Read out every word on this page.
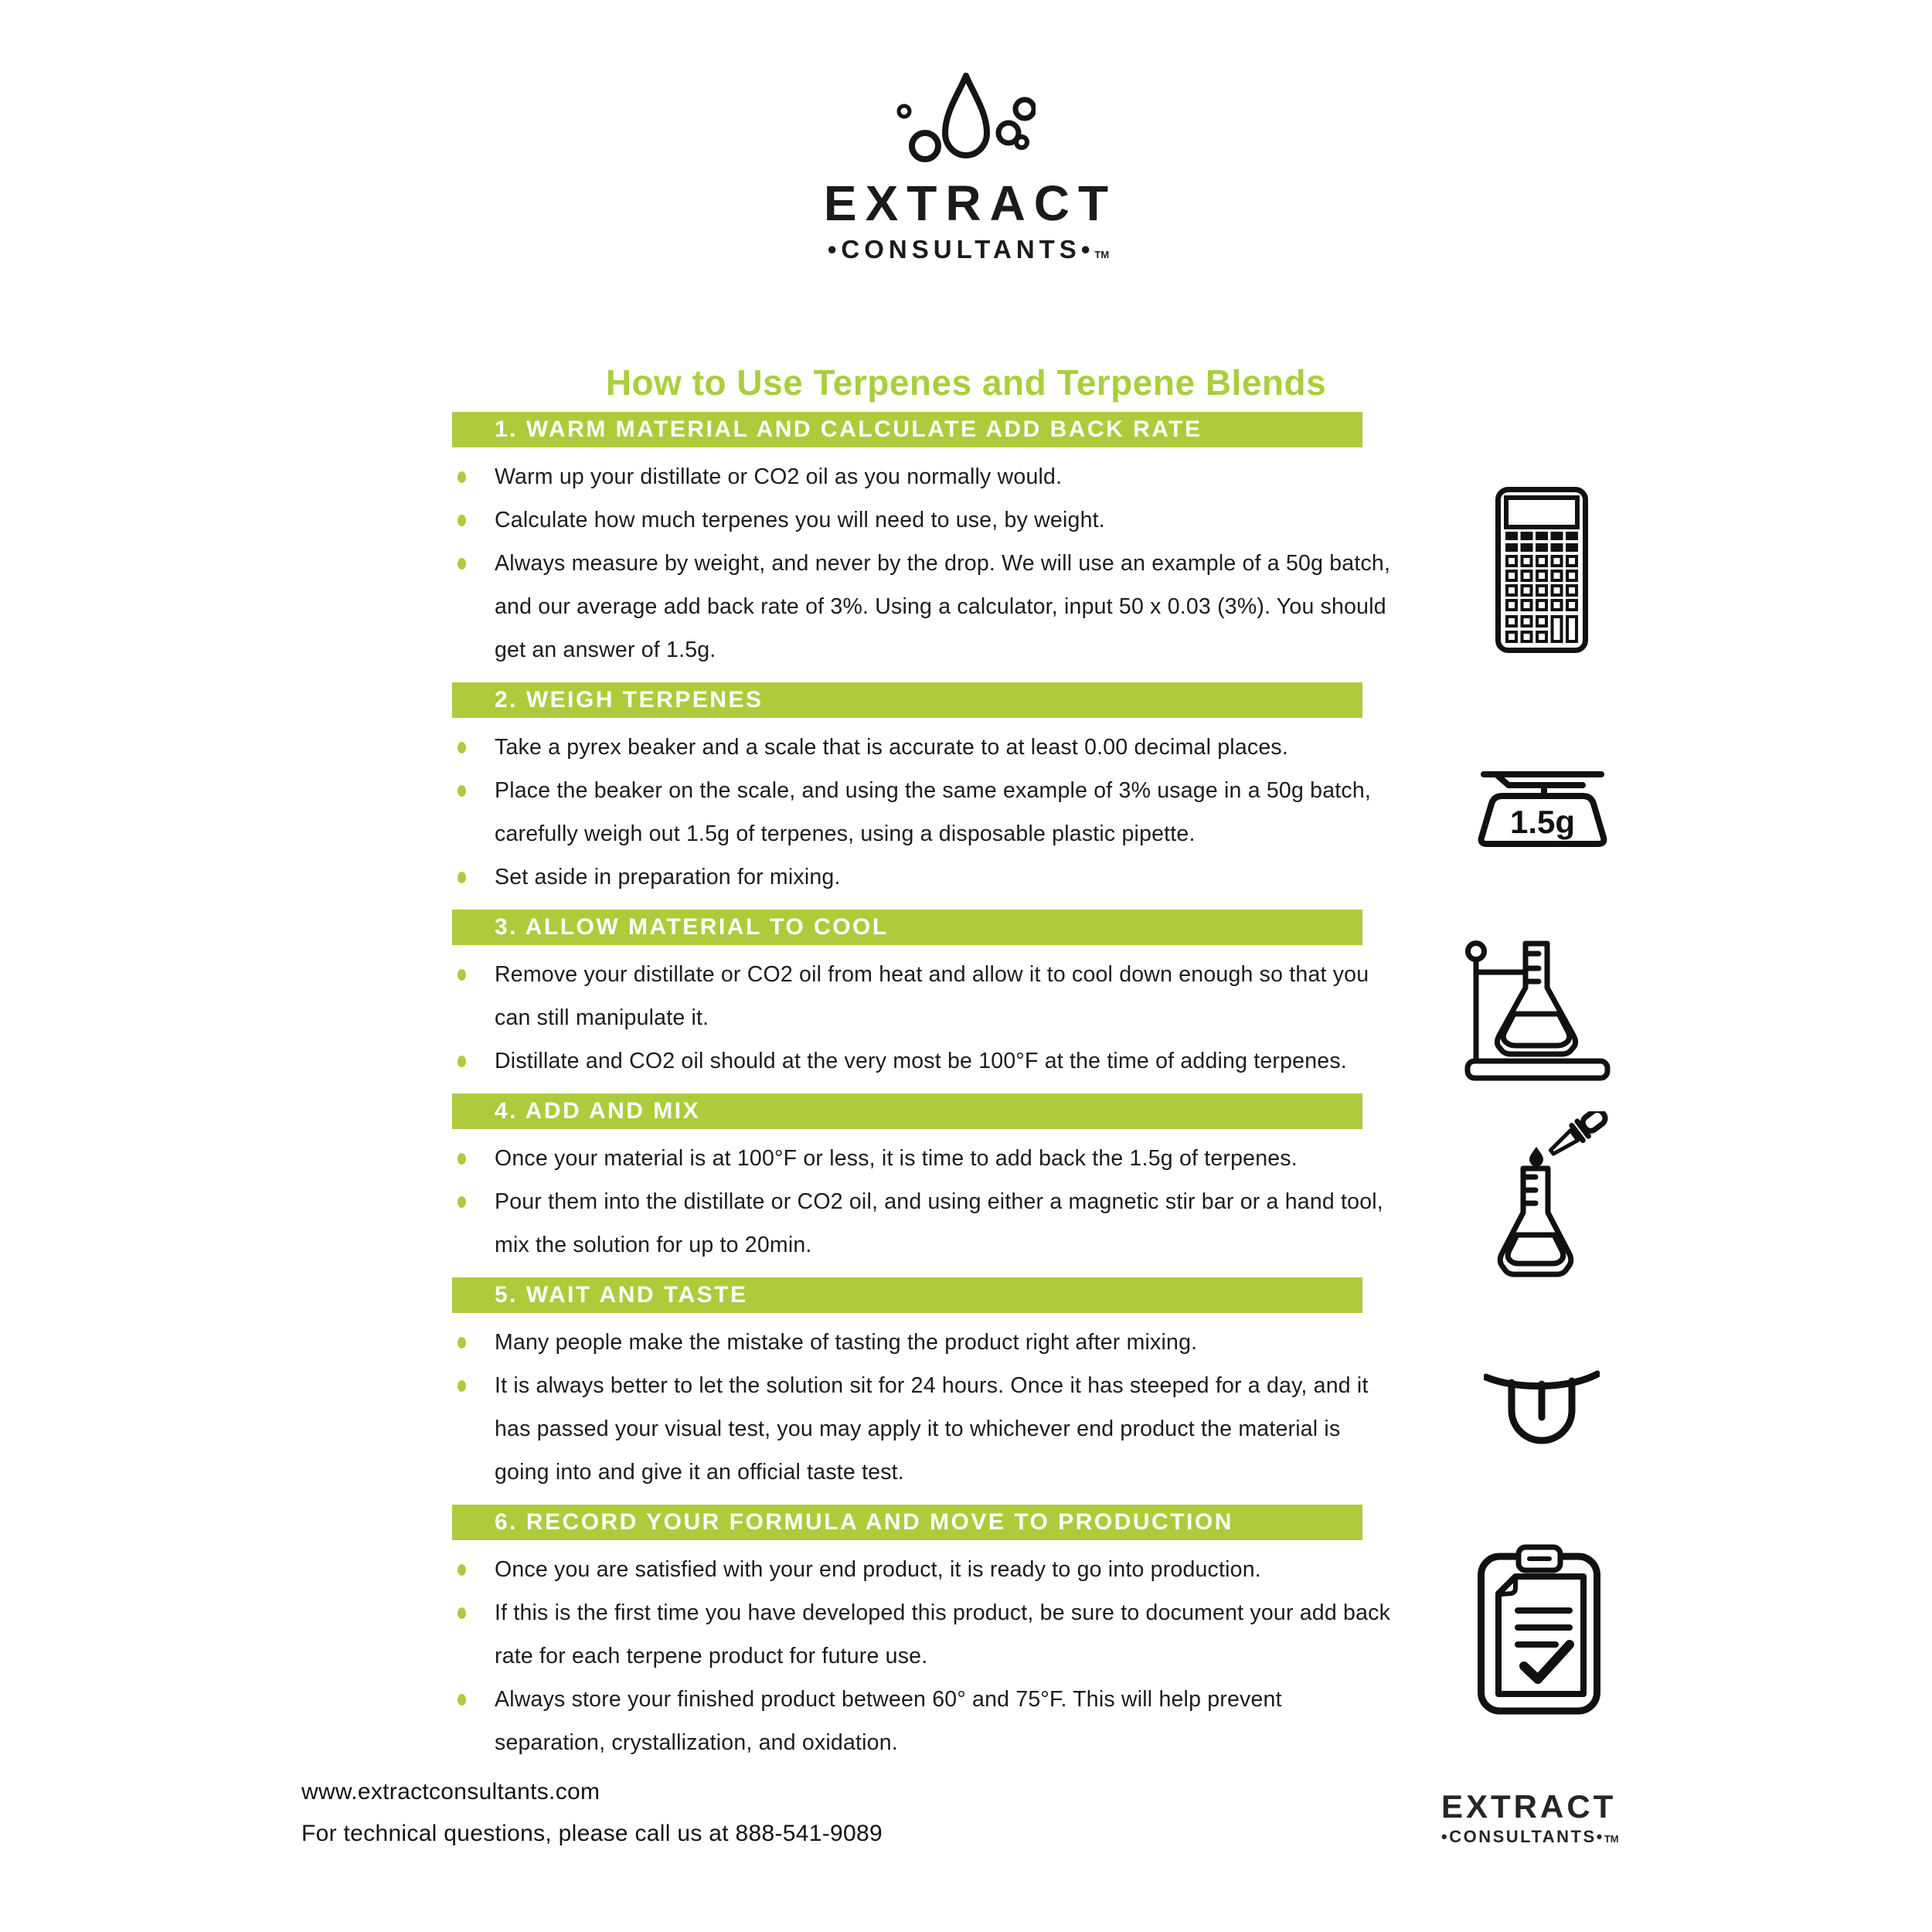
EXTRACT
•CONSULTANTS•TM
How to Use Terpenes and Terpene Blends
1. WARM MATERIAL AND CALCULATE ADD BACK RATE
Warm up your distillate or CO2 oil as you normally would.
Calculate how much terpenes you will need to use, by weight.
Always measure by weight, and never by the drop. We will use an example of a 50g batch, and our average add back rate of 3%. Using a calculator, input 50 x 0.03 (3%). You should get an answer of 1.5g.
2. WEIGH TERPENES
Take a pyrex beaker and a scale that is accurate to at least 0.00 decimal places.
Place the beaker on the scale, and using the same example of 3% usage in a 50g batch, carefully weigh out 1.5g of terpenes, using a disposable plastic pipette.
Set aside in preparation for mixing.
3. ALLOW MATERIAL TO COOL
Remove your distillate or CO2 oil from heat and allow it to cool down enough so that you can still manipulate it.
Distillate and CO2 oil should at the very most be 100°F at the time of adding terpenes.
4. ADD AND MIX
Once your material is at 100°F or less, it is time to add back the 1.5g of terpenes.
Pour them into the distillate or CO2 oil, and using either a magnetic stir bar or a hand tool, mix the solution for up to 20min.
5. WAIT AND TASTE
Many people make the mistake of tasting the product right after mixing.
It is always better to let the solution sit for 24 hours. Once it has steeped for a day, and it has passed your visual test, you may apply it to whichever end product the material is going into and give it an official taste test.
6. RECORD YOUR FORMULA AND MOVE TO PRODUCTION
Once you are satisfied with your end product, it is ready to go into production.
If this is the first time you have developed this product, be sure to document your add back rate for each terpene product for future use.
Always store your finished product between 60° and 75°F. This will help prevent separation, crystallization, and oxidation.
1.5g
www.extractconsultants.com
For technical questions, please call us at 888-541-9089
EXTRACT
•CONSULTANTS•TM
